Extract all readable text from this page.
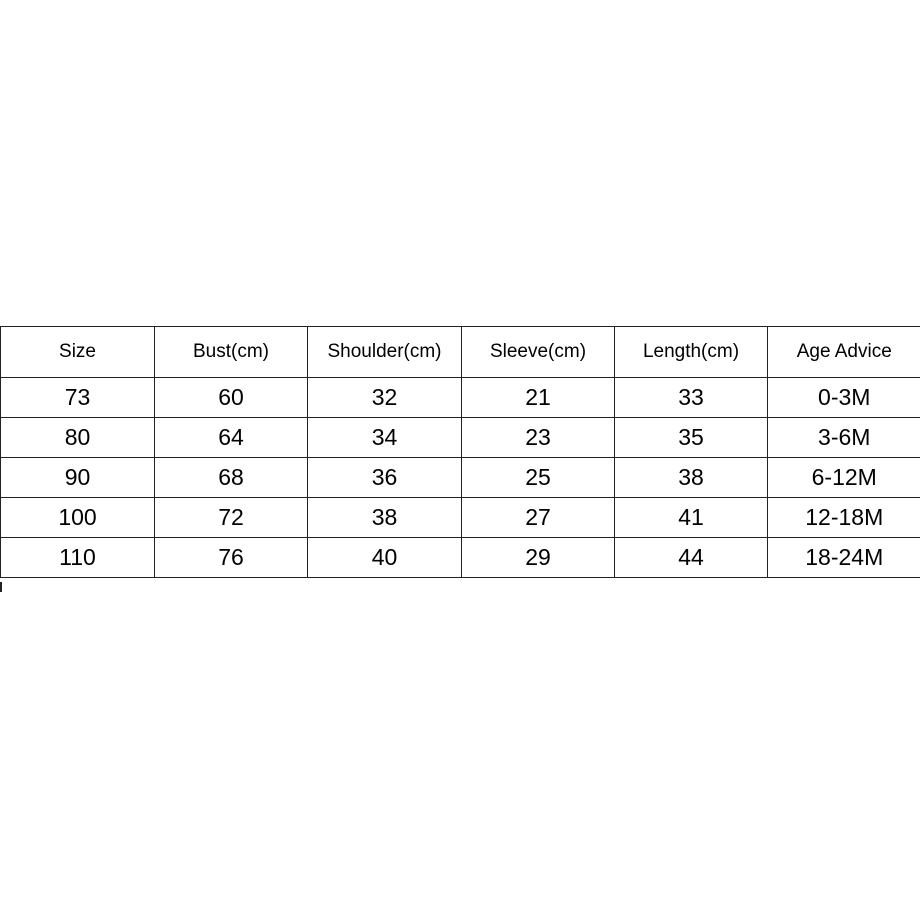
Size	Bust(cm)	Shoulder(cm)	Sleeve(cm)	Length(cm)	Age Advice
73	60	32	21	33	0-3M
80	64	34	23	35	3-6M
90	68	36	25	38	6-12M
100	72	38	27	41	12-18M
110	76	40	29	44	18-24M
